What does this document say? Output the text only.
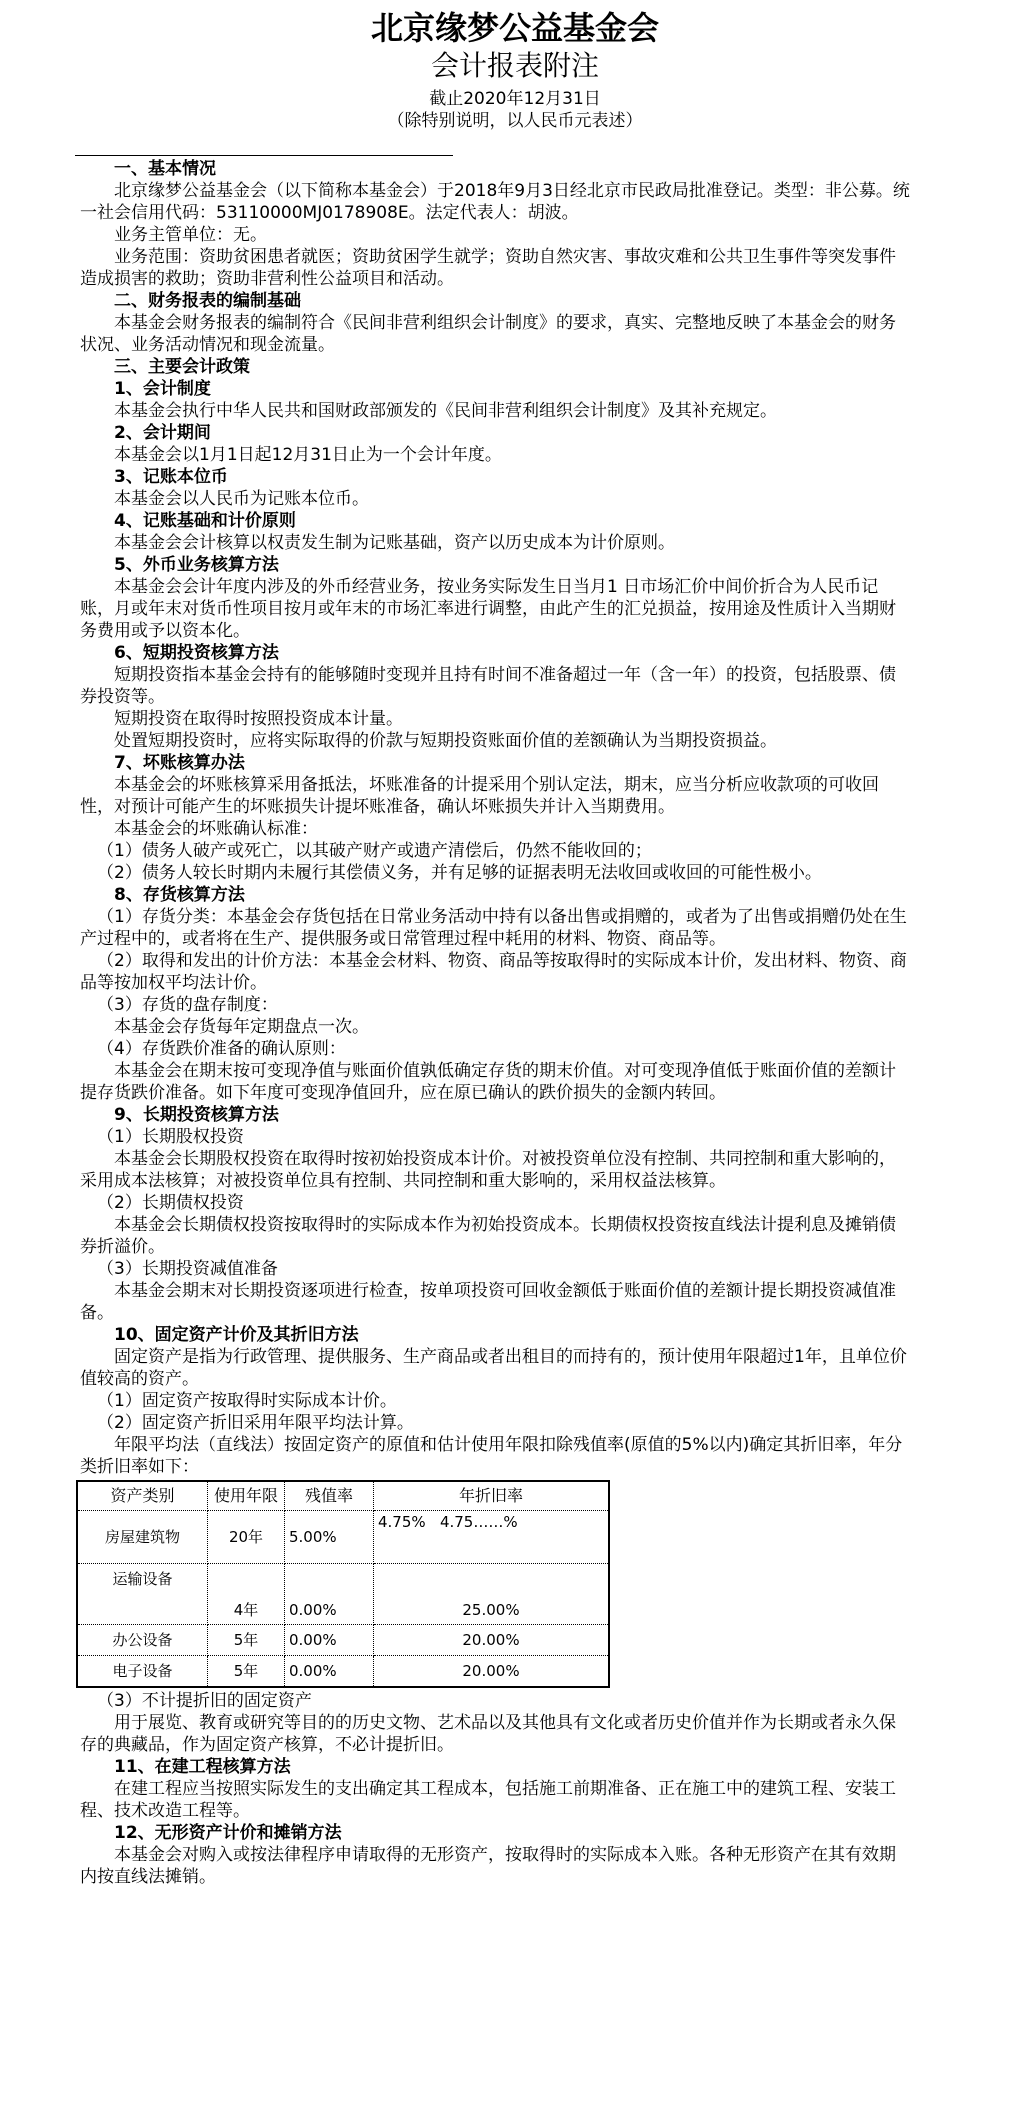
北京缘梦公益基金会
会计报表附注
截止2020年12月31日
（除特别说明，以人民币元表述）

一、基本情况

北京缘梦公益基金会（以下简称本基金会）于2018年9月3日经北京市民政局批准登记。类型：非公募。统一社会信用代码：53110000MJ0178908E。法定代表人：胡波。

业务主管单位：无。

业务范围：资助贫困患者就医；资助贫困学生就学；资助自然灾害、事故灾难和公共卫生事件等突发事件造成损害的救助；资助非营利性公益项目和活动。

二、财务报表的编制基础

本基金会财务报表的编制符合《民间非营利组织会计制度》的要求，真实、完整地反映了本基金会的财务状况、业务活动情况和现金流量。

三、主要会计政策

1、会计制度

本基金会执行中华人民共和国财政部颁发的《民间非营利组织会计制度》及其补充规定。

2、会计期间

本基金会以1月1日起12月31日止为一个会计年度。

3、记账本位币

本基金会以人民币为记账本位币。

4、记账基础和计价原则

本基金会会计核算以权责发生制为记账基础，资产以历史成本为计价原则。

5、外币业务核算方法

本基金会会计年度内涉及的外币经营业务，按业务实际发生日当月1 日市场汇价中间价折合为人民币记账，月或年末对货币性项目按月或年末的市场汇率进行调整，由此产生的汇兑损益，按用途及性质计入当期财务费用或予以资本化。

6、短期投资核算方法

短期投资指本基金会持有的能够随时变现并且持有时间不准备超过一年（含一年）的投资，包括股票、债券投资等。

短期投资在取得时按照投资成本计量。

处置短期投资时，应将实际取得的价款与短期投资账面价值的差额确认为当期投资损益。

7、坏账核算办法

本基金会的坏账核算采用备抵法，坏账准备的计提采用个别认定法，期末，应当分析应收款项的可收回性，对预计可能产生的坏账损失计提坏账准备，确认坏账损失并计入当期费用。

本基金会的坏账确认标准：

（1）债务人破产或死亡，以其破产财产或遗产清偿后，仍然不能收回的；

（2）债务人较长时期内未履行其偿债义务，并有足够的证据表明无法收回或收回的可能性极小。

8、存货核算方法

（1）存货分类：本基金会存货包括在日常业务活动中持有以备出售或捐赠的，或者为了出售或捐赠仍处在生产过程中的，或者将在生产、提供服务或日常管理过程中耗用的材料、物资、商品等。

（2）取得和发出的计价方法：本基金会材料、物资、商品等按取得时的实际成本计价，发出材料、物资、商品等按加权平均法计价。

（3）存货的盘存制度：

本基金会存货每年定期盘点一次。

（4）存货跌价准备的确认原则：

本基金会在期末按可变现净值与账面价值孰低确定存货的期末价值。对可变现净值低于账面价值的差额计提存货跌价准备。如下年度可变现净值回升，应在原已确认的跌价损失的金额内转回。

9、长期投资核算方法

（1）长期股权投资

本基金会长期股权投资在取得时按初始投资成本计价。对被投资单位没有控制、共同控制和重大影响的，采用成本法核算；对被投资单位具有控制、共同控制和重大影响的，采用权益法核算。

（2）长期债权投资

本基金会长期债权投资按取得时的实际成本作为初始投资成本。长期债权投资按直线法计提利息及摊销债券折溢价。

（3）长期投资减值准备

本基金会期末对长期投资逐项进行检查，按单项投资可回收金额低于账面价值的差额计提长期投资减值准备。

10、固定资产计价及其折旧方法

固定资产是指为行政管理、提供服务、生产商品或者出租目的而持有的，预计使用年限超过1年，且单位价值较高的资产。

（1）固定资产按取得时实际成本计价。

（2）固定资产折旧采用年限平均法计算。

年限平均法（直线法）按固定资产的原值和估计使用年限扣除残值率(原值的5%以内)确定其折旧率，年分类折旧率如下：

资产类别	使用年限	残值率	年折旧率
房屋建筑物	20年	5.00%	4.75%   4.75……%
运输设备	4年	0.00%	25.00%
办公设备	5年	0.00%	20.00%
电子设备	5年	0.00%	20.00%

（3）不计提折旧的固定资产

用于展览、教育或研究等目的的历史文物、艺术品以及其他具有文化或者历史价值并作为长期或者永久保存的典藏品，作为固定资产核算，不必计提折旧。

11、在建工程核算方法

在建工程应当按照实际发生的支出确定其工程成本，包括施工前期准备、正在施工中的建筑工程、安装工程、技术改造工程等。

12、无形资产计价和摊销方法

本基金会对购入或按法律程序申请取得的无形资产，按取得时的实际成本入账。各种无形资产在其有效期内按直线法摊销。
